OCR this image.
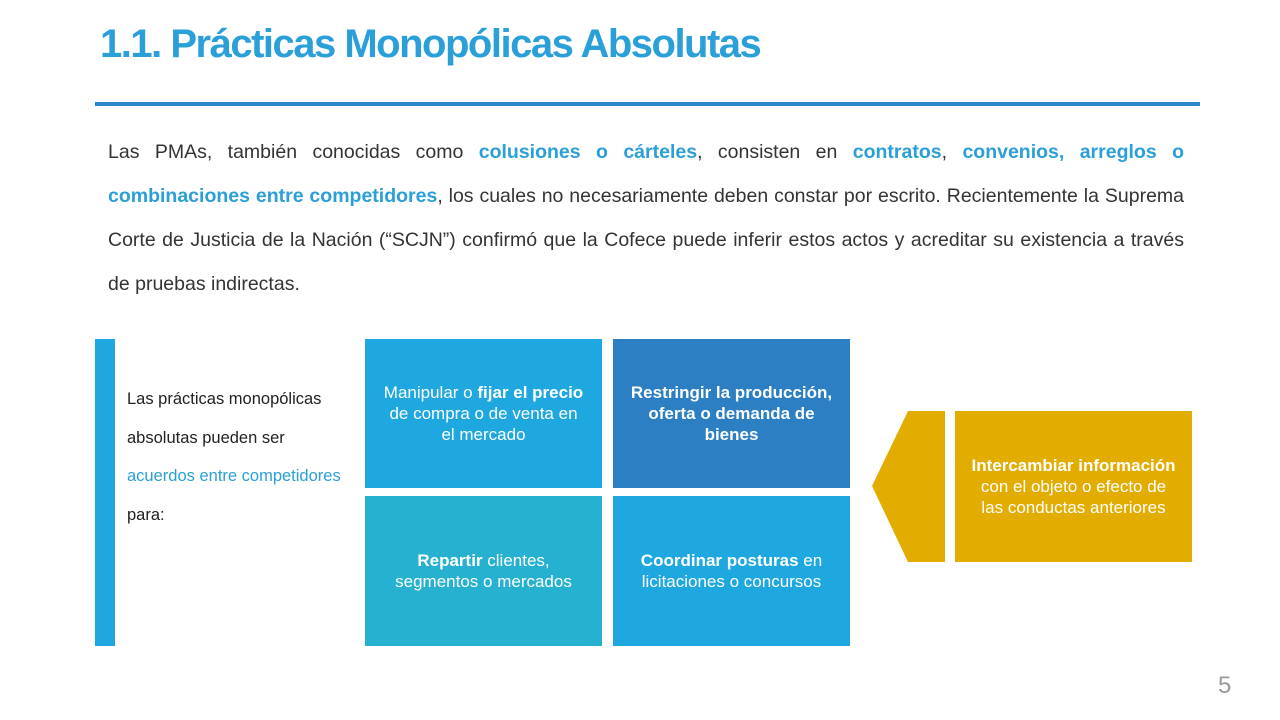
1.1. Prácticas Monopólicas Absolutas

Las PMAs, también conocidas como colusiones o cárteles, consisten en contratos, convenios, arreglos o combinaciones entre competidores, los cuales no necesariamente deben constar por escrito. Recientemente la Suprema Corte de Justicia de la Nación (“SCJN”) confirmó que la Cofece puede inferir estos actos y acreditar su existencia a través de pruebas indirectas.

Las prácticas monopólicas absolutas pueden ser acuerdos entre competidores para:

Manipular o fijar el precio de compra o de venta en el mercado
Restringir la producción, oferta o demanda de bienes
Repartir clientes, segmentos o mercados
Coordinar posturas en licitaciones o concursos
Intercambiar información con el objeto o efecto de las conductas anteriores
5
